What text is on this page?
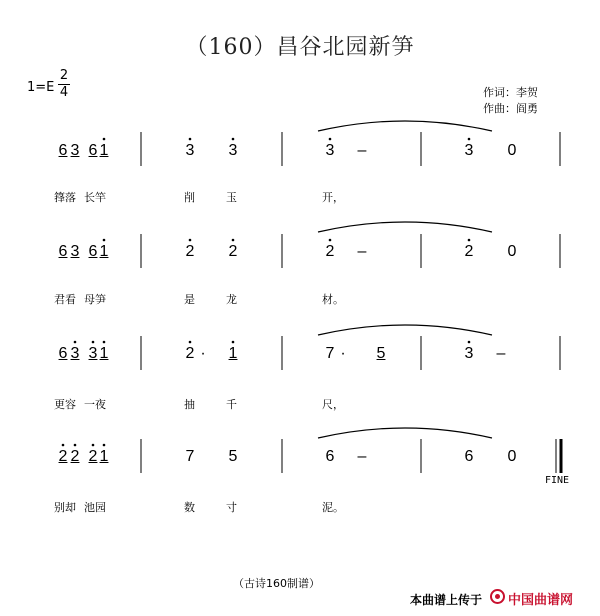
（160）昌谷北园新笋
1=E
2
4	作词：李贺
作曲：阎勇
6 3 6 1	3 3	3 –	3 0
箨落 长竿	削	玉	开，
6 3 6 1	2 2	2 –	2 0
君看 母笋	是	龙	材。
6 3 3 1	2 · 1	7 · 5	3 –
更容 一夜	抽	千	尺，
2 2 2 1	7 5	6 –	6 0
别却 池园	数	寸	泥。
FINE
（古诗160制谱）
本曲谱上传于 中国曲谱网
